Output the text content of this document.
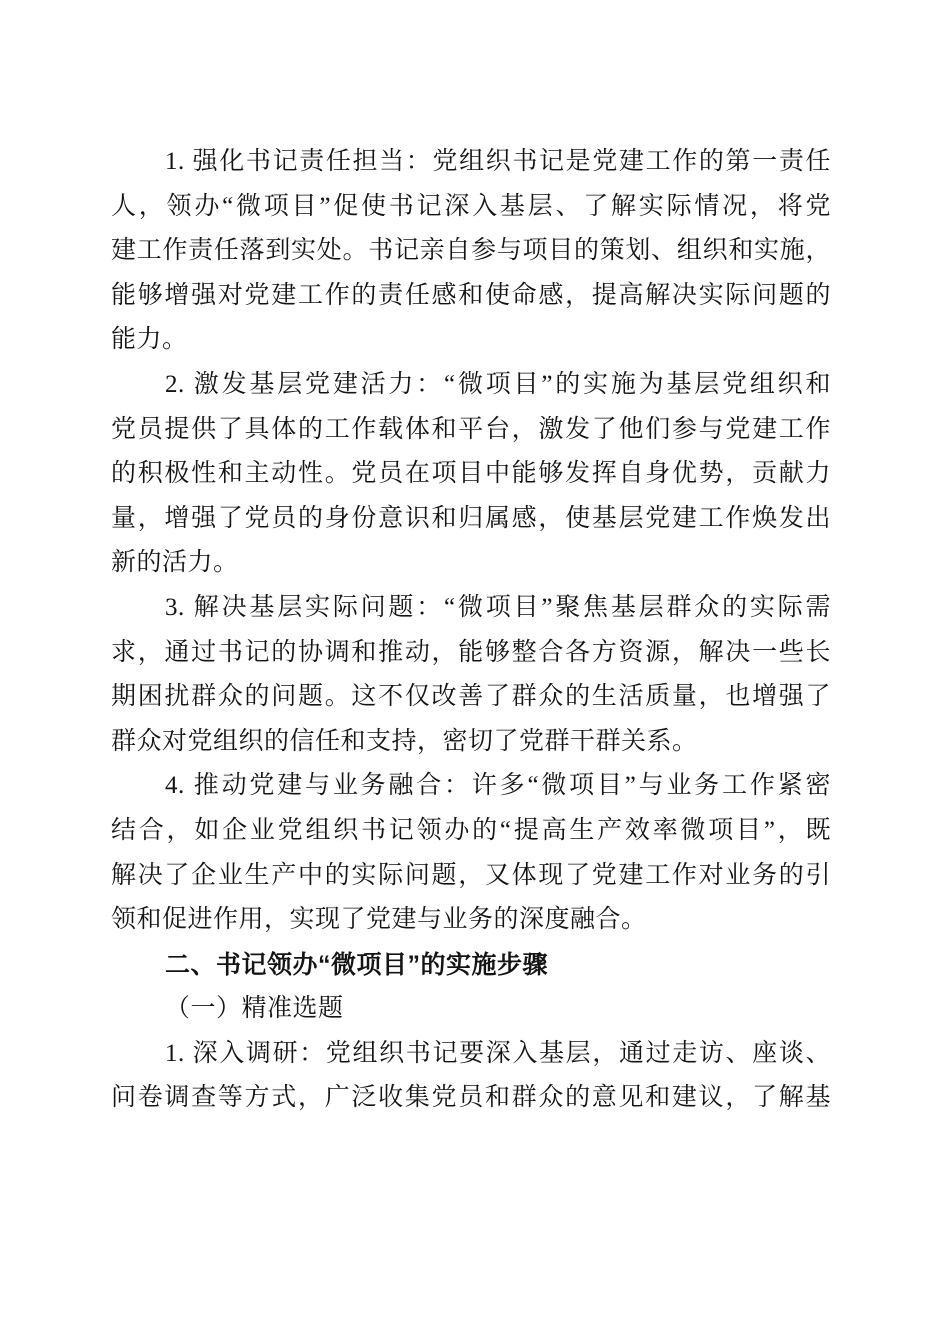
1. 强化书记责任担当：党组织书记是党建工作的第一责任
人，领办“微项目”促使书记深入基层、了解实际情况，将党
建工作责任落到实处。书记亲自参与项目的策划、组织和实施，
能够增强对党建工作的责任感和使命感，提高解决实际问题的
能力。
2. 激发基层党建活力：“微项目”的实施为基层党组织和
党员提供了具体的工作载体和平台，激发了他们参与党建工作
的积极性和主动性。党员在项目中能够发挥自身优势，贡献力
量，增强了党员的身份意识和归属感，使基层党建工作焕发出
新的活力。
3. 解决基层实际问题：“微项目”聚焦基层群众的实际需
求，通过书记的协调和推动，能够整合各方资源，解决一些长
期困扰群众的问题。这不仅改善了群众的生活质量，也增强了
群众对党组织的信任和支持，密切了党群干群关系。
4. 推动党建与业务融合：许多“微项目”与业务工作紧密
结合，如企业党组织书记领办的“提高生产效率微项目”，既
解决了企业生产中的实际问题，又体现了党建工作对业务的引
领和促进作用，实现了党建与业务的深度融合。
二、书记领办“微项目”的实施步骤
（一）精准选题
1. 深入调研：党组织书记要深入基层，通过走访、座谈、
问卷调查等方式，广泛收集党员和群众的意见和建议，了解基
